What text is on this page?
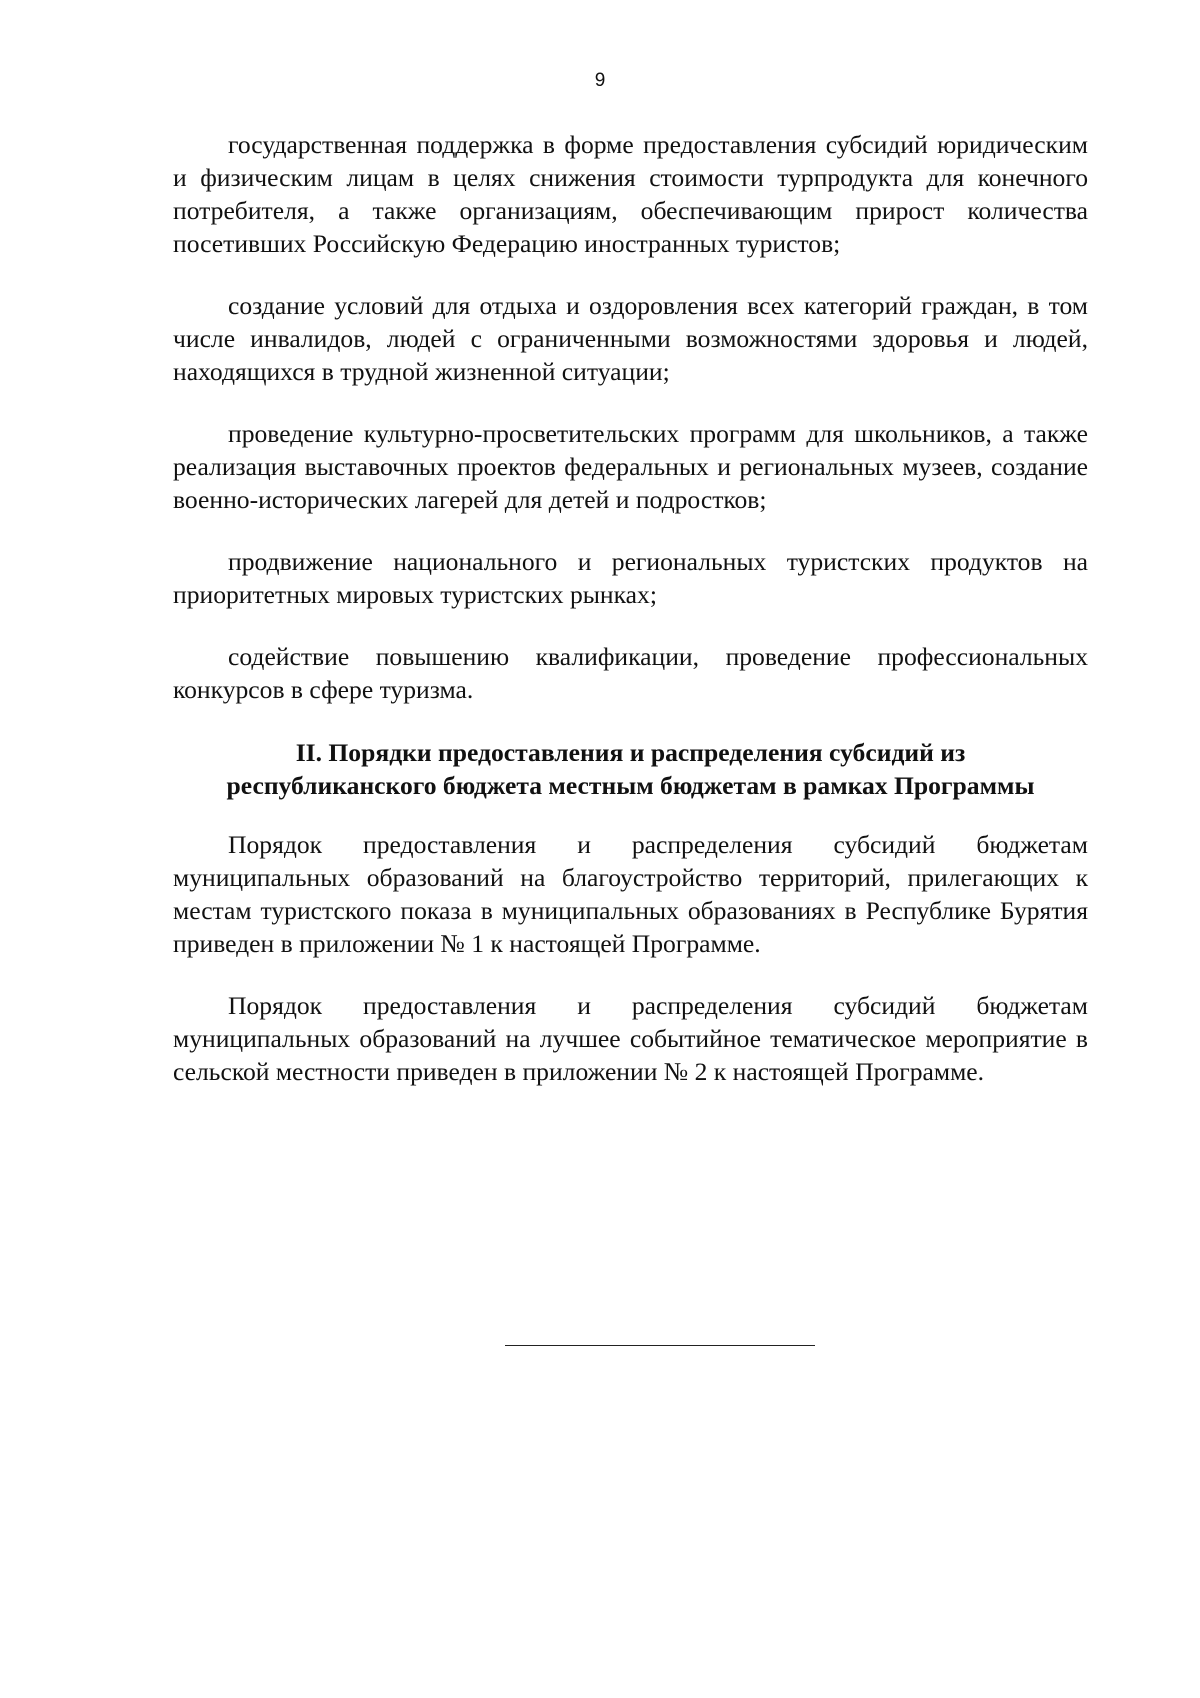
9

государственная поддержка в форме предоставления субсидий юридическим и физическим лицам в целях снижения стоимости турпродукта для конечного потребителя, а также организациям, обеспечивающим прирост количества посетивших Российскую Федерацию иностранных туристов;

создание условий для отдыха и оздоровления всех категорий граждан, в том числе инвалидов, людей с ограниченными возможностями здоровья и людей, находящихся в трудной жизненной ситуации;

проведение культурно-просветительских программ для школьников, а также реализация выставочных проектов федеральных и региональных музеев, создание военно-исторических лагерей для детей и подростков;

продвижение национального и региональных туристских продуктов на приоритетных мировых туристских рынках;

содействие повышению квалификации, проведение профессиональных конкурсов в сфере туризма.

II. Порядки предоставления и распределения субсидий из
республиканского бюджета местным бюджетам в рамках Программы

Порядок предоставления и распределения субсидий бюджетам муниципальных образований на благоустройство территорий, прилегающих к местам туристского показа в муниципальных образованиях в Республике Бурятия приведен в приложении № 1 к настоящей Программе.

Порядок предоставления и распределения субсидий бюджетам муниципальных образований на лучшее событийное тематическое мероприятие в сельской местности приведен в приложении № 2 к настоящей Программе.
